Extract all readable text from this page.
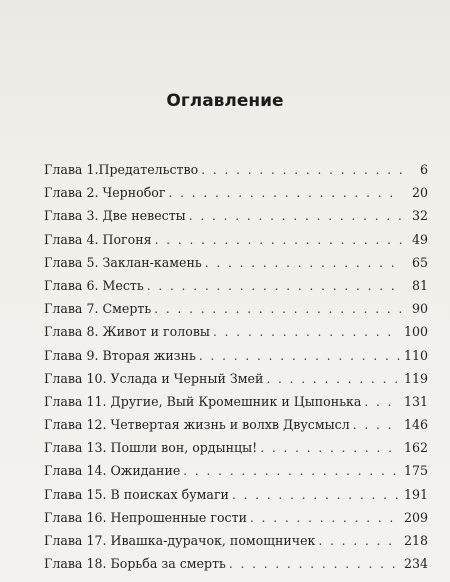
Оглавление
Глава 1.Предательство . . .	6
Глава 2. Чернобог . . .	20
Глава 3. Две невесты . . .	32
Глава 4. Погоня . . .	49
Глава 5. Заклан-камень . . .	65
Глава 6. Месть . . .	81
Глава 7. Смерть . . .	90
Глава 8. Живот и головы . . .	100
Глава 9. Вторая жизнь . . .	110
Глава 10. Услада и Черный Змей . . .	119
Глава 11. Другие, Вый Кромешник и Цыпонька . . .	131
Глава 12. Четвертая жизнь и волхв Двусмысл . . .	146
Глава 13. Пошли вон, ордынцы! . . .	162
Глава 14. Ожидание . . .	175
Глава 15. В поисках бумаги . . .	191
Глава 16. Непрошенные гости . . .	209
Глава 17. Ивашка-дурачок, помощничек . . .	218
Глава 18. Борьба за смерть . . .	234
